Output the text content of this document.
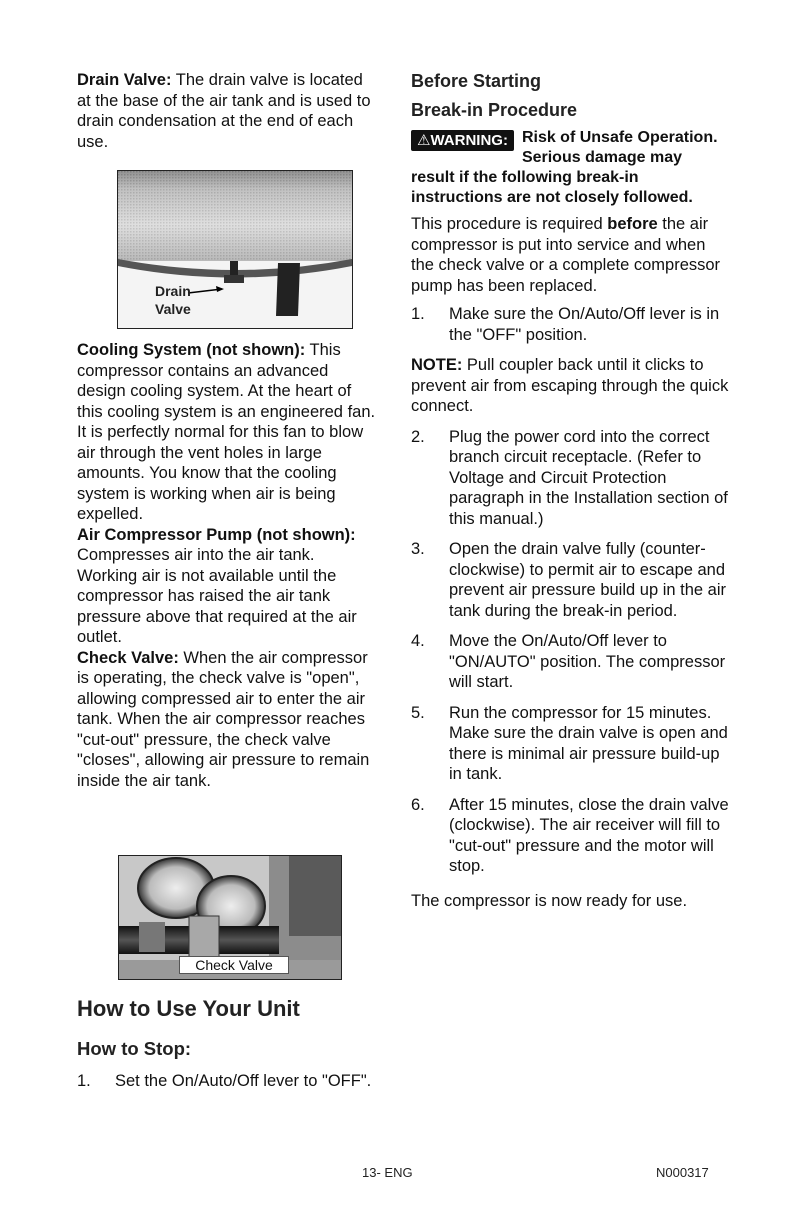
Drain Valve: The drain valve is located at the base of the air tank and is used to drain condensation at the end of each use.

Drain
Valve

Cooling System (not shown): This compressor contains an advanced design cooling system. At the heart of this cooling system is an engineered fan. It is perfectly normal for this fan to blow air through the vent holes in large amounts. You know that the cooling system is working when air is being expelled.

Air Compressor Pump (not shown): Compresses air into the air tank. Working air is not available until the compressor has raised the air tank pressure above that required at the air outlet.

Check Valve: When the air compressor is operating, the check valve is "open", allowing compressed air to enter the air tank. When the air compressor reaches "cut-out" pressure, the check valve "closes", allowing air pressure to remain inside the air tank.

Check Valve

How to Use Your Unit

How to Stop:

1. Set the On/Auto/Off lever to "OFF".

Before Starting

Break-in Procedure

⚠WARNING: Risk of Unsafe Operation. Serious damage may result if the following break-in instructions are not closely followed.

This procedure is required before the air compressor is put into service and when the check valve or a complete compressor pump has been replaced.

1. Make sure the On/Auto/Off lever is in the "OFF" position.

NOTE: Pull coupler back until it clicks to prevent air from escaping through the quick connect.

2. Plug the power cord into the correct branch circuit receptacle. (Refer to Voltage and Circuit Protection paragraph in the Installation section of this manual.)
3. Open the drain valve fully (counter-clockwise) to permit air to escape and prevent air pressure build up in the air tank during the break-in period.
4. Move the On/Auto/Off lever to "ON/AUTO" position. The compressor will start.
5. Run the compressor for 15 minutes. Make sure the drain valve is open and there is minimal air pressure build-up in tank.
6. After 15 minutes, close the drain valve (clockwise). The air receiver will fill to "cut-out" pressure and the motor will stop.

The compressor is now ready for use.

13- ENG	N000317
